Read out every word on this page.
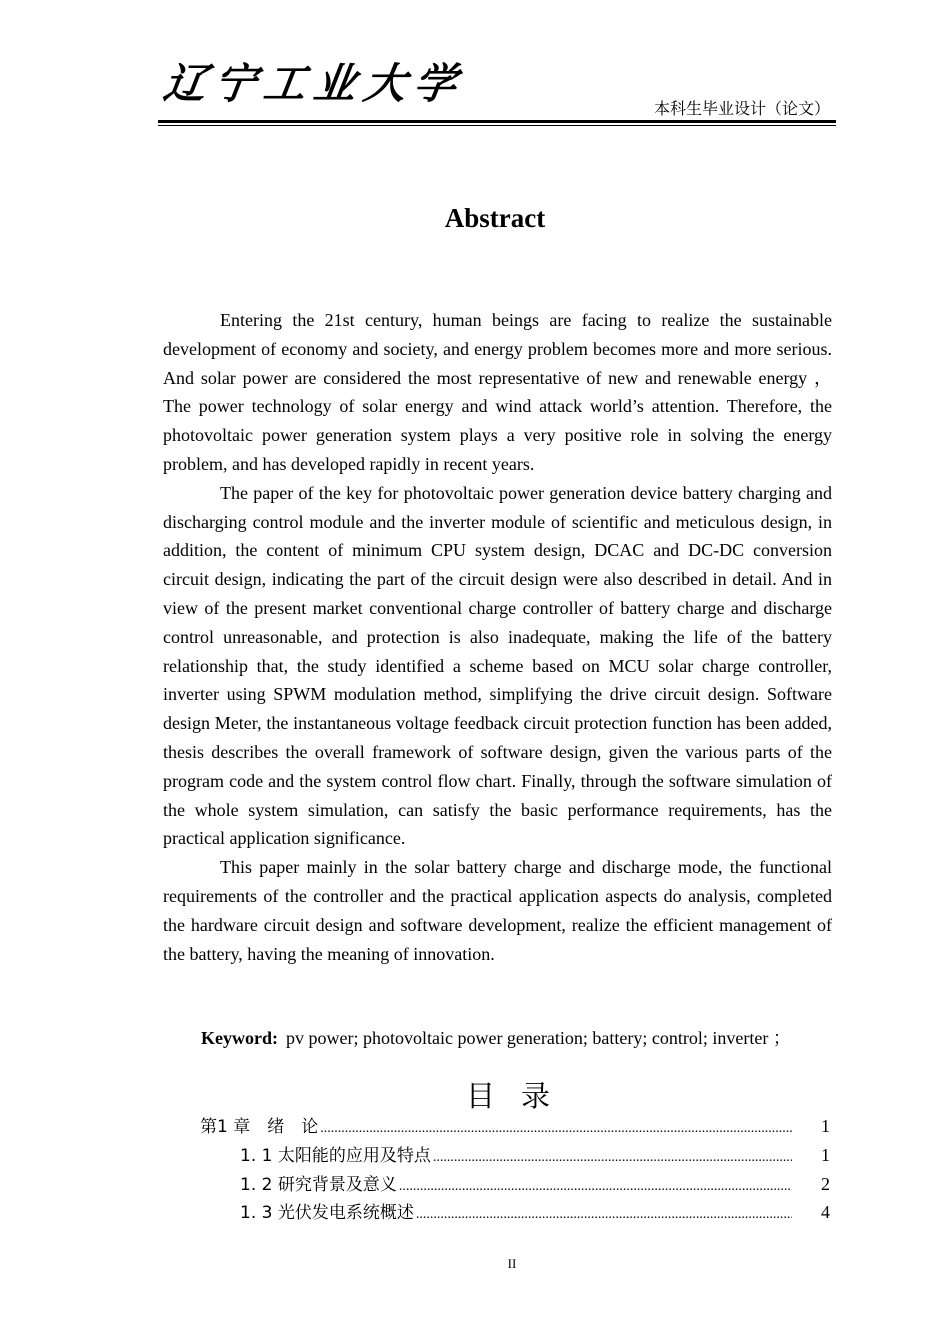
辽宁工业大学
本科生毕业设计（论文）
Abstract

Entering the 21st century, human beings are facing to realize the sustainable development of economy and society, and energy problem becomes more and more serious. And solar power are considered the most representative of new and renewable energy ， The power technology of solar energy and wind attack world’s attention. Therefore, the photovoltaic power generation system plays a very positive role in solving the energy problem, and has developed rapidly in recent years.

The paper of the key for photovoltaic power generation device battery charging and discharging control module and the inverter module of scientific and meticulous design, in addition, the content of minimum CPU system design, DCAC and DC-DC conversion circuit design, indicating the part of the circuit design were also described in detail. And in view of the present market conventional charge controller of battery charge and discharge control unreasonable, and protection is also inadequate, making the life of the battery relationship that, the study identified a scheme based on MCU solar charge controller, inverter using SPWM modulation method, simplifying the drive circuit design. Software design Meter, the instantaneous voltage feedback circuit protection function has been added, thesis describes the overall framework of software design, given the various parts of the program code and the system control flow chart. Finally, through the software simulation of the whole system simulation, can satisfy the basic performance requirements, has the practical application significance.

This paper mainly in the solar battery charge and discharge mode, the functional requirements of the controller and the practical application aspects do analysis, completed the hardware circuit design and software development, realize the efficient management of the battery, having the meaning of innovation.

Keyword: pv power; photovoltaic power generation; battery; control; inverter ；
目录
第1 章　绪　论 .....	1
1. 1 太阳能的应用及特点 .....	1
1. 2 研究背景及意义 .....	2
1. 3 光伏发电系统概述 .....	4
II
